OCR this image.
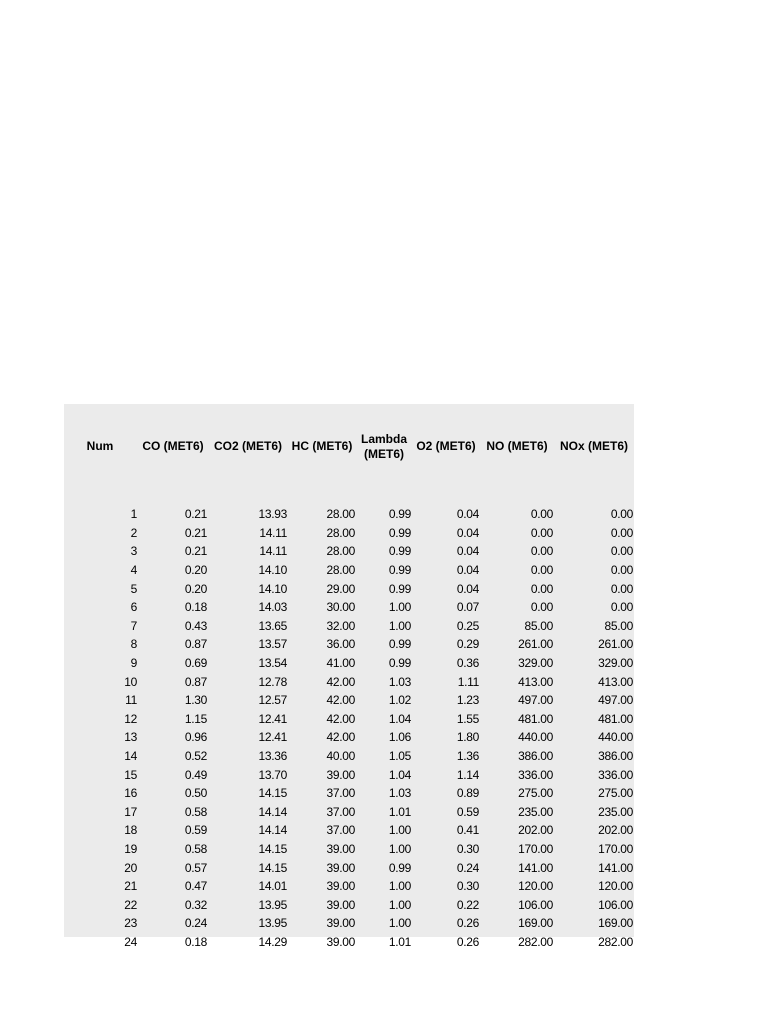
Num	CO (MET6)	CO2 (MET6)	HC (MET6)	Lambda (MET6)	O2 (MET6)	NO (MET6)	NOx (MET6)

1	0.21	13.93	28.00	0.99	0.04	0.00	0.00
2	0.21	14.11	28.00	0.99	0.04	0.00	0.00
3	0.21	14.11	28.00	0.99	0.04	0.00	0.00
4	0.20	14.10	28.00	0.99	0.04	0.00	0.00
5	0.20	14.10	29.00	0.99	0.04	0.00	0.00
6	0.18	14.03	30.00	1.00	0.07	0.00	0.00
7	0.43	13.65	32.00	1.00	0.25	85.00	85.00
8	0.87	13.57	36.00	0.99	0.29	261.00	261.00
9	0.69	13.54	41.00	0.99	0.36	329.00	329.00
10	0.87	12.78	42.00	1.03	1.11	413.00	413.00
11	1.30	12.57	42.00	1.02	1.23	497.00	497.00
12	1.15	12.41	42.00	1.04	1.55	481.00	481.00
13	0.96	12.41	42.00	1.06	1.80	440.00	440.00
14	0.52	13.36	40.00	1.05	1.36	386.00	386.00
15	0.49	13.70	39.00	1.04	1.14	336.00	336.00
16	0.50	14.15	37.00	1.03	0.89	275.00	275.00
17	0.58	14.14	37.00	1.01	0.59	235.00	235.00
18	0.59	14.14	37.00	1.00	0.41	202.00	202.00
19	0.58	14.15	39.00	1.00	0.30	170.00	170.00
20	0.57	14.15	39.00	0.99	0.24	141.00	141.00
21	0.47	14.01	39.00	1.00	0.30	120.00	120.00
22	0.32	13.95	39.00	1.00	0.22	106.00	106.00
23	0.24	13.95	39.00	1.00	0.26	169.00	169.00
24	0.18	14.29	39.00	1.01	0.26	282.00	282.00
